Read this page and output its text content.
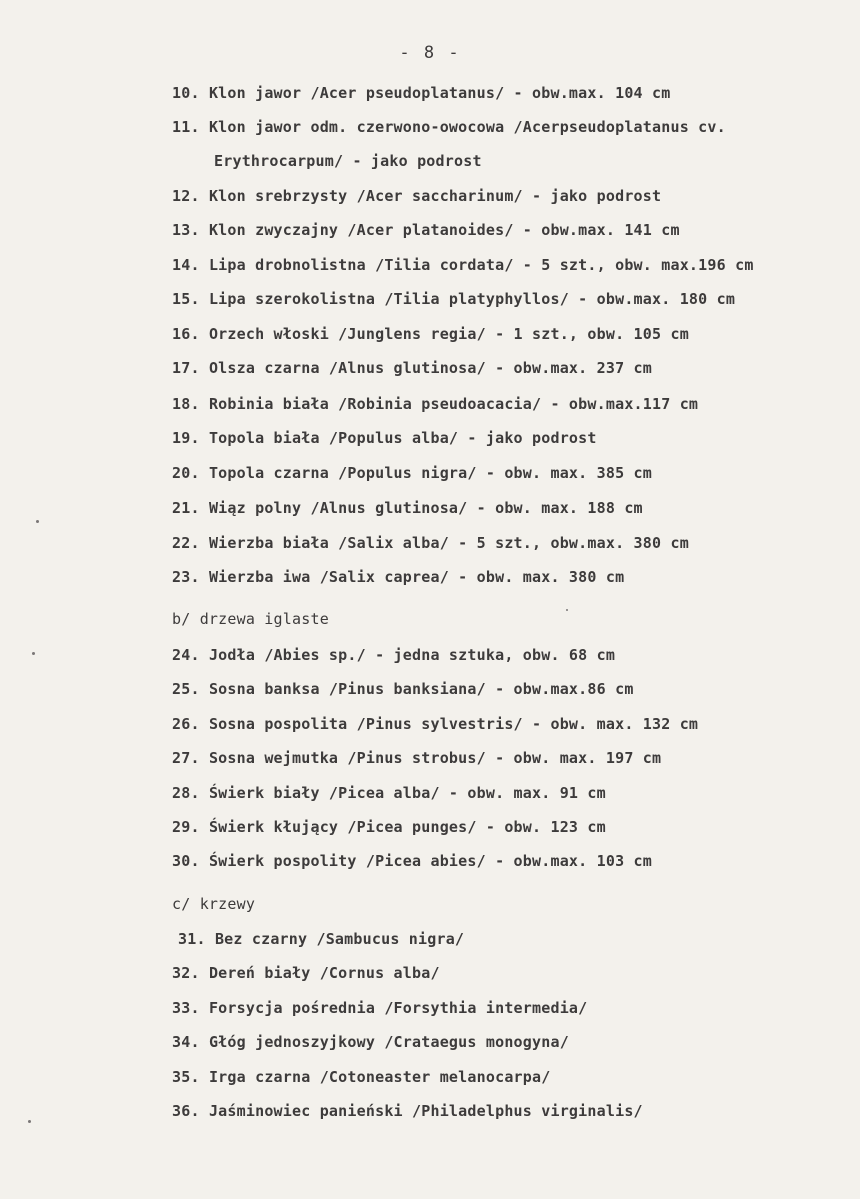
- 8 -
10. Klon jawor /Acer pseudoplatanus/ - obw.max. 104 cm
11. Klon jawor odm. czerwono-owocowa /Acerpseudoplatanus cv.
Erythrocarpum/ - jako podrost
12. Klon srebrzysty /Acer saccharinum/ - jako podrost
13. Klon zwyczajny /Acer platanoides/ - obw.max. 141 cm
14. Lipa drobnolistna /Tilia cordata/ - 5 szt., obw. max.196 cm
15. Lipa szerokolistna /Tilia platyphyllos/ - obw.max. 180 cm
16. Orzech włoski /Junglens regia/ - 1 szt., obw. 105 cm
17. Olsza czarna /Alnus glutinosa/ - obw.max. 237 cm
18. Robinia biała /Robinia pseudoacacia/ - obw.max.117 cm
19. Topola biała /Populus alba/ - jako podrost
20. Topola czarna /Populus nigra/ - obw. max. 385 cm
21. Wiąz polny /Alnus glutinosa/ - obw. max. 188 cm
22. Wierzba biała /Salix alba/ - 5 szt., obw.max. 380 cm
23. Wierzba iwa /Salix caprea/ - obw. max. 380 cm
b/ drzewa iglaste
24. Jodła /Abies sp./ - jedna sztuka, obw. 68 cm
25. Sosna banksa /Pinus banksiana/ - obw.max.86 cm
26. Sosna pospolita /Pinus sylvestris/ - obw. max. 132 cm
27. Sosna wejmutka /Pinus strobus/ - obw. max. 197 cm
28. Świerk biały /Picea alba/ - obw. max. 91 cm
29. Świerk kłujący /Picea punges/ - obw. 123 cm
30. Świerk pospolity /Picea abies/ - obw.max. 103 cm
c/ krzewy
31. Bez czarny /Sambucus nigra/
32. Dereń biały /Cornus alba/
33. Forsycja pośrednia /Forsythia intermedia/
34. Głóg jednoszyjkowy /Crataegus monogyna/
35. Irga czarna /Cotoneaster melanocarpa/
36. Jaśminowiec panieński /Philadelphus virginalis/
